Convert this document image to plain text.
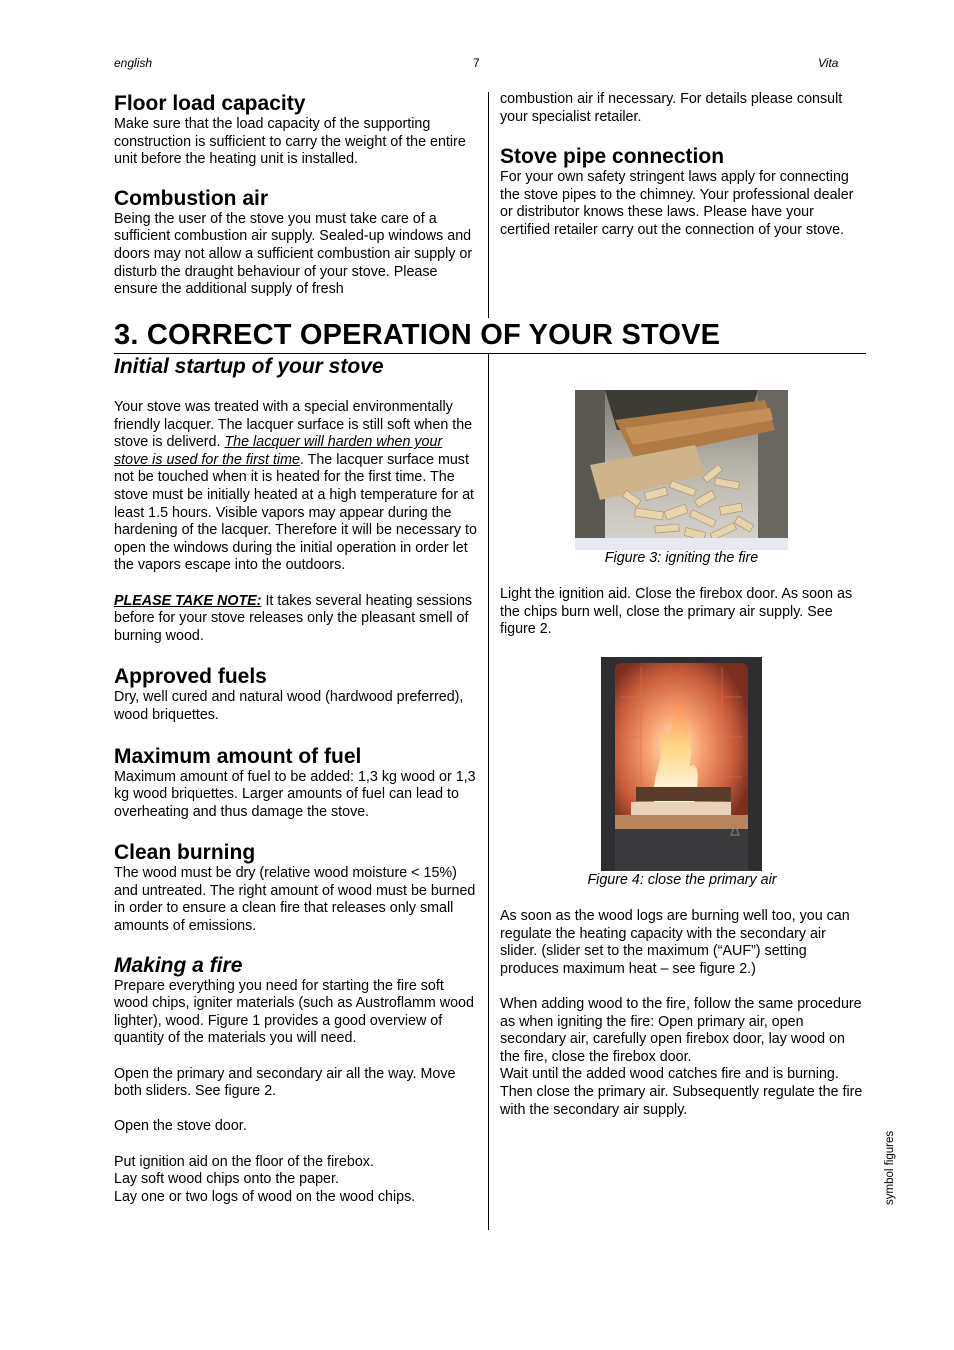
english	7	Vita
Floor load capacity

Make sure that the load capacity of the supporting construction is sufficient to carry the weight of the entire unit before the heating unit is installed.

Combustion air

Being the user of the stove you must take care of a sufficient combustion air supply. Sealed-up windows and doors may not allow a sufficient combustion air supply or disturb the draught behaviour of your stove. Please ensure the additional supply of fresh

combustion air if necessary. For details please consult your specialist retailer.

Stove pipe connection

For your own safety stringent laws apply for connecting the stove pipes to the chimney. Your professional dealer or distributor knows these laws. Please have your certified retailer carry out the connection of your stove.

3. CORRECT OPERATION OF YOUR STOVE
Initial startup of your stove

Your stove was treated with a special environmentally friendly lacquer. The lacquer surface is still soft when the stove is deliverd. The lacquer will harden when your stove is used for the first time. The lacquer surface must not be touched when it is heated for the first time. The stove must be initially heated at a high temperature for at least 1.5 hours. Visible vapors may appear during the hardening of the lacquer. Therefore it will be necessary to open the windows during the initial operation in order let the vapors escape into the outdoors.

PLEASE TAKE NOTE: It takes several heating sessions before for your stove releases only the pleasant smell of burning wood.

Approved fuels

Dry, well cured and natural wood (hardwood preferred), wood briquettes.

Maximum amount of fuel

Maximum amount of fuel to be added: 1,3 kg wood or 1,3 kg wood briquettes. Larger amounts of fuel can lead to overheating and thus damage the stove.

Clean burning

The wood must be dry (relative wood moisture < 15%) and untreated. The right amount of wood must be burned in order to ensure a clean fire that releases only small amounts of emissions.

Making a fire

Prepare everything you need for starting the fire soft wood chips, igniter materials (such as Austroflamm wood lighter), wood. Figure 1 provides a good overview of quantity of the materials you will need.

Open the primary and secondary air all the way. Move both sliders. See figure 2.

Open the stove door.

Put ignition aid on the floor of the firebox.

Lay soft wood chips onto the paper.

Lay one or two logs of wood on the wood chips.

Figure 3: igniting the fire

Light the ignition aid. Close the firebox door. As soon as the chips burn well, close the primary air supply. See figure 2.

Figure 4: close the primary air

As soon as the wood logs are burning well too, you can regulate the heating capacity with the secondary air slider. (slider set to the maximum (“AUF”) setting produces maximum heat – see figure 2.)

When adding wood to the fire, follow the same procedure as when igniting the fire: Open primary air, open secondary air, carefully open firebox door, lay wood on the fire, close the firebox door.

Wait until the added wood catches fire and is burning. Then close the primary air. Subsequently regulate the fire with the secondary air supply.

symbol figures
